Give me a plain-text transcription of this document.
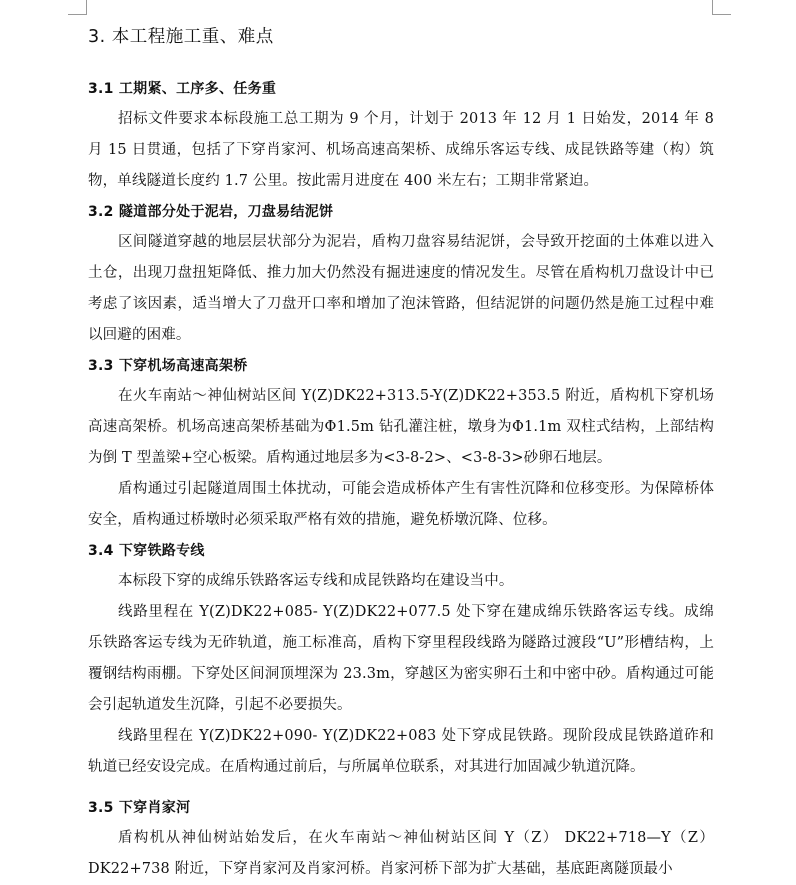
3. 本工程施工重、难点
3.1 工期紧、工序多、任务重

招标文件要求本标段施工总工期为 9 个月，计划于 2013 年 12 月 1 日始发，2014 年 8 月 15 日贯通，包括了下穿肖家河、机场高速高架桥、成绵乐客运专线、成昆铁路等建（构）筑物，单线隧道长度约 1.7 公里。按此需月进度在 400 米左右；工期非常紧迫。

3.2 隧道部分处于泥岩，刀盘易结泥饼

区间隧道穿越的地层层状部分为泥岩，盾构刀盘容易结泥饼，会导致开挖面的土体难以进入土仓，出现刀盘扭矩降低、推力加大仍然没有掘进速度的情况发生。尽管在盾构机刀盘设计中已考虑了该因素，适当增大了刀盘开口率和增加了泡沫管路，但结泥饼的问题仍然是施工过程中难以回避的困难。

3.3 下穿机场高速高架桥

在火车南站～神仙树站区间 Y(Z)DK22+313.5-Y(Z)DK22+353.5 附近，盾构机下穿机场高速高架桥。机场高速高架桥基础为Φ1.5m 钻孔灌注桩，墩身为Φ1.1m 双柱式结构，上部结构为倒 T 型盖梁+空心板梁。盾构通过地层多为<3-8-2>、<3-8-3>砂卵石地层。

盾构通过引起隧道周围土体扰动，可能会造成桥体产生有害性沉降和位移变形。为保障桥体安全，盾构通过桥墩时必须采取严格有效的措施，避免桥墩沉降、位移。

3.4 下穿铁路专线

本标段下穿的成绵乐铁路客运专线和成昆铁路均在建设当中。

线路里程在 Y(Z)DK22+085- Y(Z)DK22+077.5 处下穿在建成绵乐铁路客运专线。成绵乐铁路客运专线为无砟轨道，施工标准高，盾构下穿里程段线路为隧路过渡段“U”形槽结构，上覆钢结构雨棚。下穿处区间洞顶埋深为 23.3m，穿越区为密实卵石土和中密中砂。盾构通过可能会引起轨道发生沉降，引起不必要损失。

线路里程在 Y(Z)DK22+090- Y(Z)DK22+083 处下穿成昆铁路。现阶段成昆铁路道砟和轨道已经安设完成。在盾构通过前后，与所属单位联系，对其进行加固减少轨道沉降。

3.5 下穿肖家河

盾构机从神仙树站始发后，在火车南站～神仙树站区间 Y（Z） DK22+718—Y（Z） DK22+738 附近，下穿肖家河及肖家河桥。肖家河桥下部为扩大基础，基底距离隧顶最小
